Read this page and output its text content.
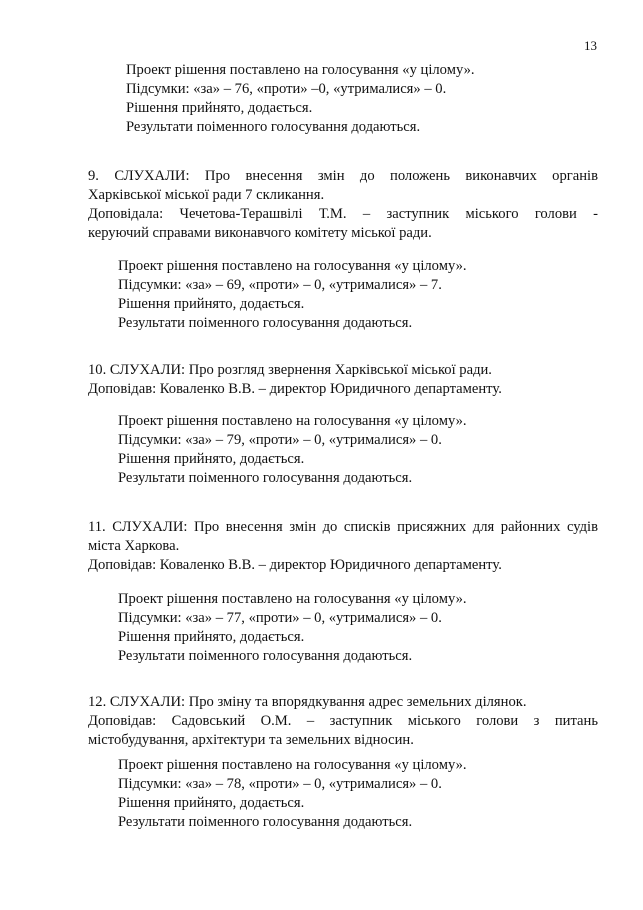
13
Проект рішення поставлено на голосування «у цілому».
Підсумки: «за» – 76, «проти» –0, «утрималися» – 0.
Рішення прийнято, додається.
Результати поіменного голосування додаються.
9. СЛУХАЛИ: Про внесення змін до положень виконавчих органів
Харківської міської ради 7 скликання.
Доповідала: Чечетова-Терашвілі Т.М. – заступник міського голови -
керуючий справами виконавчого комітету міської ради.
Проект рішення поставлено на голосування «у цілому».
Підсумки: «за» – 69, «проти» – 0, «утрималися» – 7.
Рішення прийнято, додається.
Результати поіменного голосування додаються.
10. СЛУХАЛИ: Про розгляд звернення Харківської міської ради.
Доповідав: Коваленко В.В. – директор Юридичного департаменту.
Проект рішення поставлено на голосування «у цілому».
Підсумки: «за» – 79, «проти» – 0, «утрималися» – 0.
Рішення прийнято, додається.
Результати поіменного голосування додаються.
11. СЛУХАЛИ: Про внесення змін до списків присяжних для районних судів
міста Харкова.
Доповідав: Коваленко В.В. – директор Юридичного департаменту.
Проект рішення поставлено на голосування «у цілому».
Підсумки: «за» – 77, «проти» – 0, «утрималися» – 0.
Рішення прийнято, додається.
Результати поіменного голосування додаються.
12. СЛУХАЛИ: Про зміну та впорядкування адрес земельних ділянок.
Доповідав: Садовський О.М. – заступник міського голови з питань
містобудування, архітектури та земельних відносин.
Проект рішення поставлено на голосування «у цілому».
Підсумки: «за» – 78, «проти» – 0, «утрималися» – 0.
Рішення прийнято, додається.
Результати поіменного голосування додаються.
